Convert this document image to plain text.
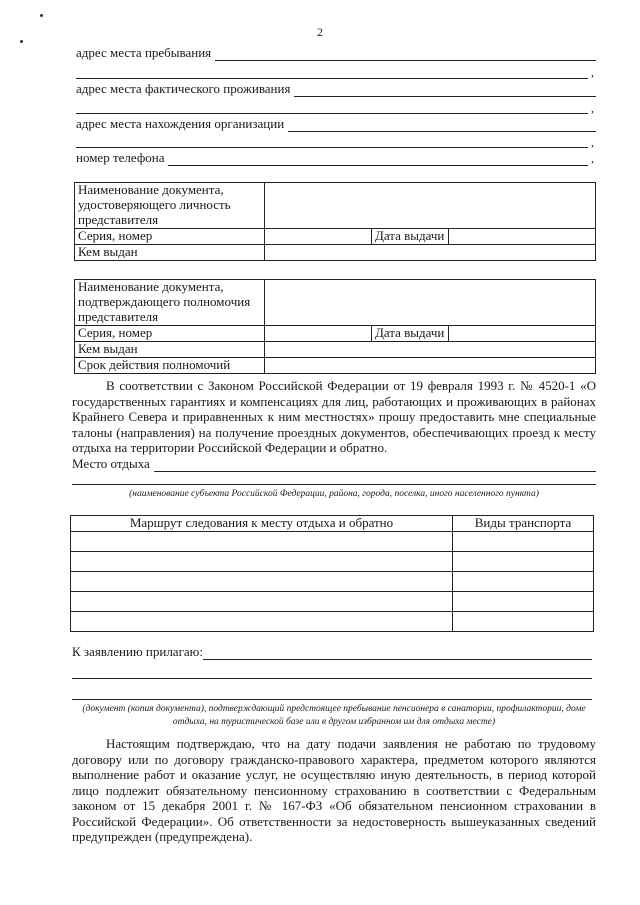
2
адрес места пребывания
,
адрес места фактического проживания
,
адрес места нахождения организации
,
номер телефона	,
Наименование документа, удостоверяющего личность представителя			
Серия, номер		Дата выдачи	
Кем выдан			
Наименование документа, подтверждающего полномочия представителя			
Серия, номер		Дата выдачи	
Кем выдан			
Срок действия полномочий			
В соответствии с Законом Российской Федерации от 19 февраля 1993 г. № 4520-1 «О государственных гарантиях и компенсациях для лиц, работающих и проживающих в районах Крайнего Севера и приравненных к ним местностях» прошу предоставить мне специальные талоны (направления) на получение проездных документов, обеспечивающих проезд к месту отдыха на территории Российской Федерации и обратно.
Место отдыха
(наименование субъекта Российской Федерации, района, города, поселка, иного населенного пункта)
Маршрут следования к месту отдыха и обратно	Виды транспорта

К заявлению прилагаю:
(документ (копия документа), подтверждающий предстоящее пребывание пенсионера в санатории, профилактории, доме отдыха, на туристической базе или в другом избранном им для отдыха месте)
Настоящим подтверждаю, что на дату подачи заявления не работаю по трудовому договору или по договору гражданско-правового характера, предметом которого являются выполнение работ и оказание услуг, не осуществляю иную деятельность, в период которой лицо подлежит обязательному пенсионному страхованию в соответствии с Федеральным законом от 15 декабря 2001 г. № 167-ФЗ «Об обязательном пенсионном страховании в Российской Федерации». Об ответственности за недостоверность вышеуказанных сведений предупрежден (предупреждена).
